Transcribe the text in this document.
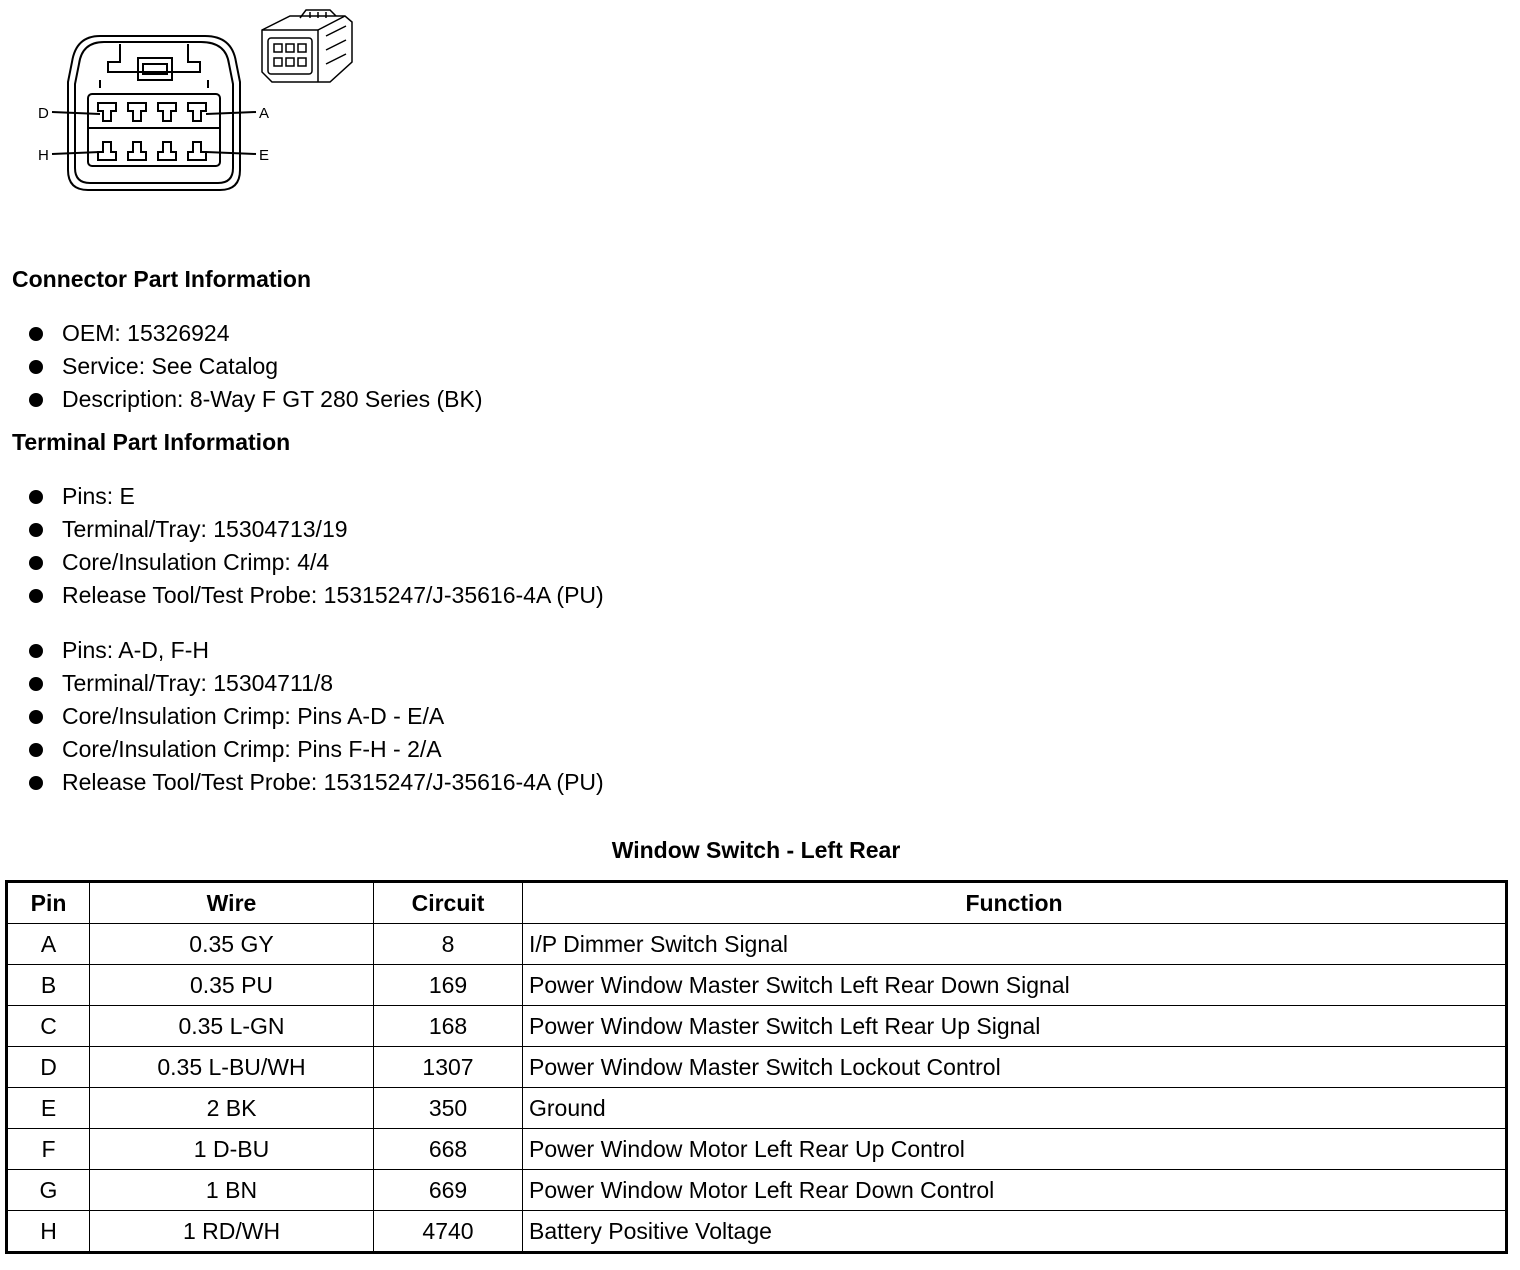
D	A
H	E
Connector Part Information
OEM: 15326924
Service: See Catalog
Description: 8-Way F GT 280 Series (BK)
Terminal Part Information
Pins: E
Terminal/Tray: 15304713/19
Core/Insulation Crimp: 4/4
Release Tool/Test Probe: 15315247/J-35616-4A (PU)
Pins: A-D, F-H
Terminal/Tray: 15304711/8
Core/Insulation Crimp: Pins A-D - E/A
Core/Insulation Crimp: Pins F-H - 2/A
Release Tool/Test Probe: 15315247/J-35616-4A (PU)
Window Switch - Left Rear
Pin	Wire	Circuit	Function
A	0.35 GY	8	I/P Dimmer Switch Signal
B	0.35 PU	169	Power Window Master Switch Left Rear Down Signal
C	0.35 L-GN	168	Power Window Master Switch Left Rear Up Signal
D	0.35 L-BU/WH	1307	Power Window Master Switch Lockout Control
E	2 BK	350	Ground
F	1 D-BU	668	Power Window Motor Left Rear Up Control
G	1 BN	669	Power Window Motor Left Rear Down Control
H	1 RD/WH	4740	Battery Positive Voltage
